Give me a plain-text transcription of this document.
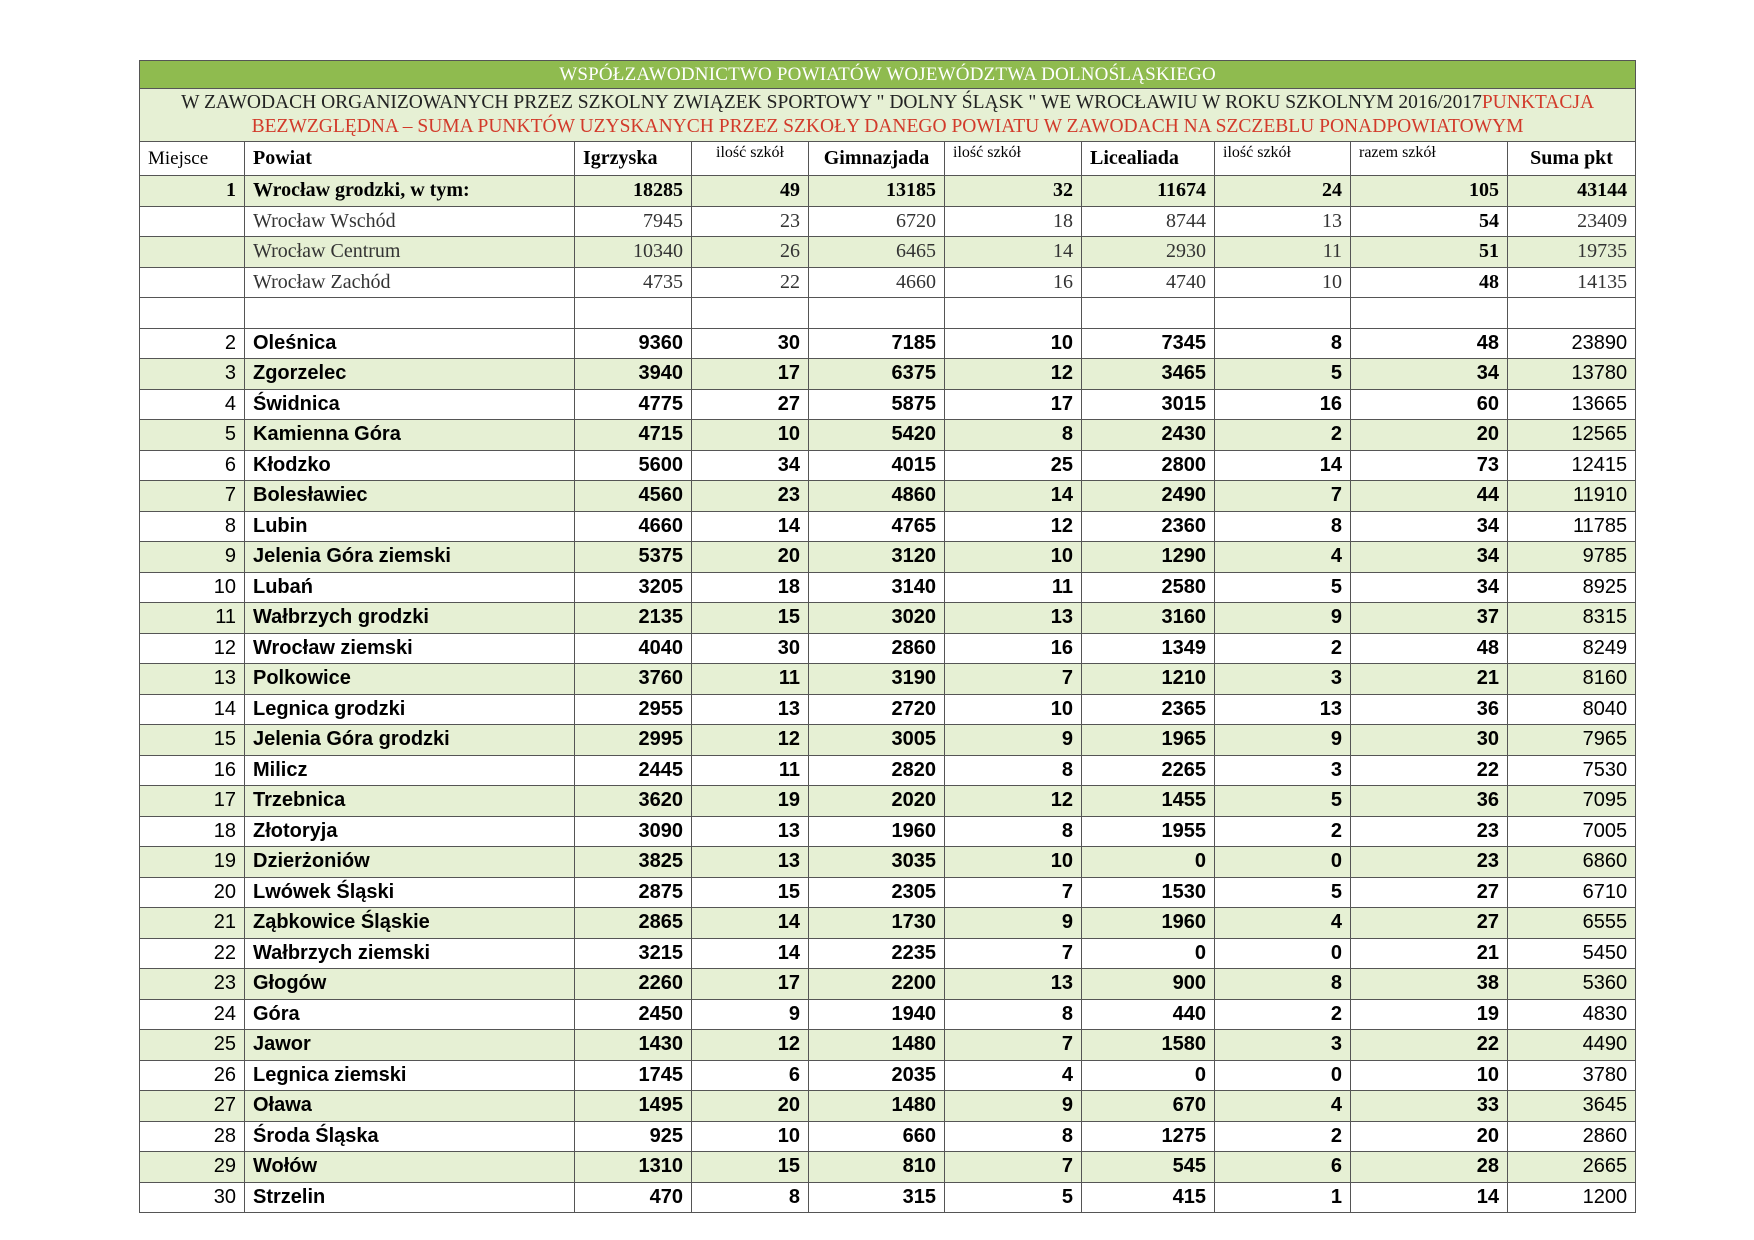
WSPÓŁZAWODNICTWO POWIATÓW WOJEWÓDZTWA DOLNOŚLĄSKIEGO									
W ZAWODACH ORGANIZOWANYCH PRZEZ SZKOLNY ZWIĄZEK SPORTOWY " DOLNY ŚLĄSK " WE WROCŁAWIU W ROKU SZKOLNYM 2016/2017PUNKTACJA BEZWZGLĘDNA – SUMA PUNKTÓW UZYSKANYCH PRZEZ SZKOŁY DANEGO POWIATU W ZAWODACH NA SZCZEBLU PONADPOWIATOWYM									
Miejsce	Powiat	Igrzyska	ilość szkół	Gimnazjada	ilość szkół	Licealiada	ilość szkół	razem szkół	Suma pkt
1	Wrocław grodzki, w tym:	18285	49	13185	32	11674	24	105	43144
	Wrocław Wschód	7945	23	6720	18	8744	13	54	23409
	Wrocław Centrum	10340	26	6465	14	2930	11	51	19735
	Wrocław Zachód	4735	22	4660	16	4740	10	48	14135

2	Oleśnica	9360	30	7185	10	7345	8	48	23890
3	Zgorzelec	3940	17	6375	12	3465	5	34	13780
4	Świdnica	4775	27	5875	17	3015	16	60	13665
5	Kamienna Góra	4715	10	5420	8	2430	2	20	12565
6	Kłodzko	5600	34	4015	25	2800	14	73	12415
7	Bolesławiec	4560	23	4860	14	2490	7	44	11910
8	Lubin	4660	14	4765	12	2360	8	34	11785
9	Jelenia Góra ziemski	5375	20	3120	10	1290	4	34	9785
10	Lubań	3205	18	3140	11	2580	5	34	8925
11	Wałbrzych grodzki	2135	15	3020	13	3160	9	37	8315
12	Wrocław ziemski	4040	30	2860	16	1349	2	48	8249
13	Polkowice	3760	11	3190	7	1210	3	21	8160
14	Legnica grodzki	2955	13	2720	10	2365	13	36	8040
15	Jelenia Góra grodzki	2995	12	3005	9	1965	9	30	7965
16	Milicz	2445	11	2820	8	2265	3	22	7530
17	Trzebnica	3620	19	2020	12	1455	5	36	7095
18	Złotoryja	3090	13	1960	8	1955	2	23	7005
19	Dzierżoniów	3825	13	3035	10	0	0	23	6860
20	Lwówek Śląski	2875	15	2305	7	1530	5	27	6710
21	Ząbkowice Śląskie	2865	14	1730	9	1960	4	27	6555
22	Wałbrzych ziemski	3215	14	2235	7	0	0	21	5450
23	Głogów	2260	17	2200	13	900	8	38	5360
24	Góra	2450	9	1940	8	440	2	19	4830
25	Jawor	1430	12	1480	7	1580	3	22	4490
26	Legnica ziemski	1745	6	2035	4	0	0	10	3780
27	Oława	1495	20	1480	9	670	4	33	3645
28	Środa Śląska	925	10	660	8	1275	2	20	2860
29	Wołów	1310	15	810	7	545	6	28	2665
30	Strzelin	470	8	315	5	415	1	14	1200
